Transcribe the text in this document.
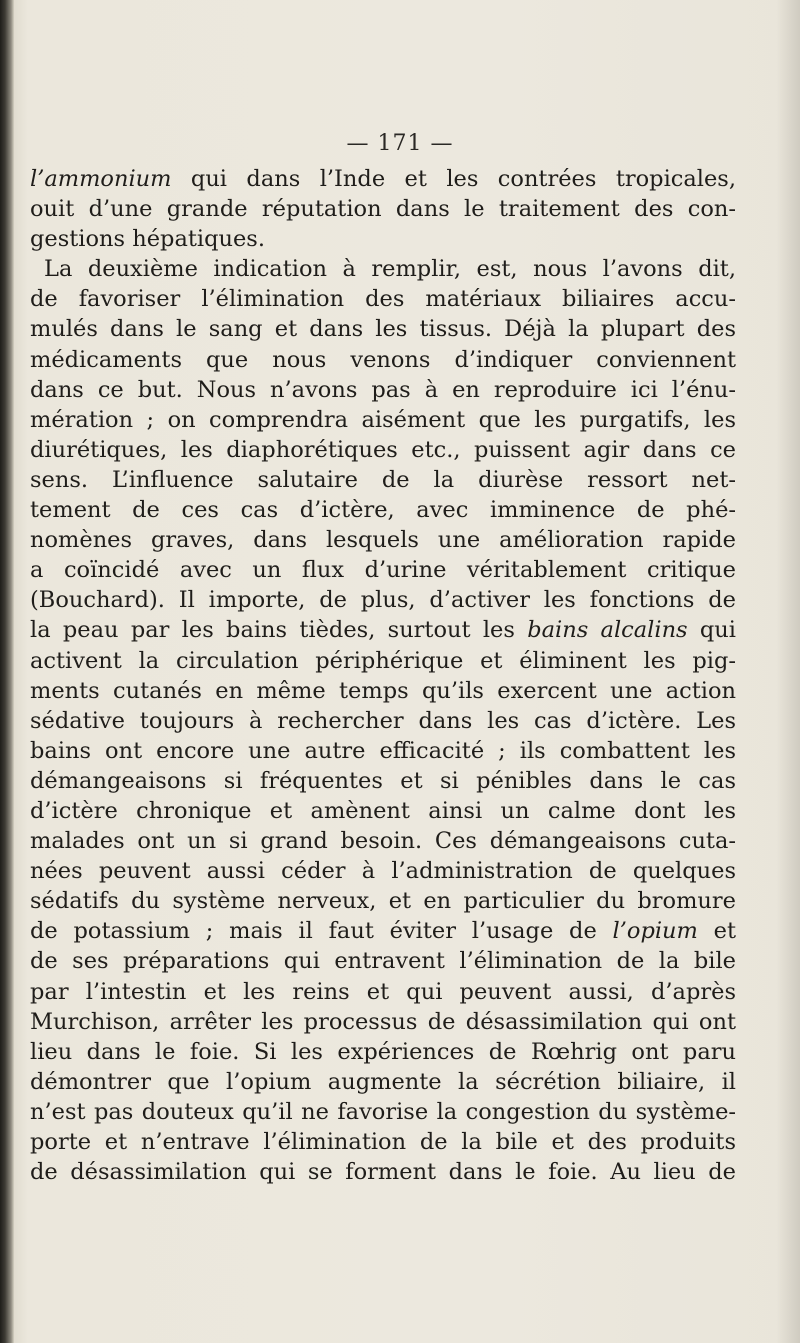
— 171 —
l’ammonium qui dans l’Inde et les contrées tropicales,
ouit d’une grande réputation dans le traitement des con-
gestions hépatiques.
La deuxième indication à remplir, est, nous l’avons dit,
de favoriser l’élimination des matériaux biliaires accu-
mulés dans le sang et dans les tissus. Déjà la plupart des
médicaments que nous venons d’indiquer conviennent
dans ce but. Nous n’avons pas à en reproduire ici l’énu-
mération ; on comprendra aisément que les purgatifs, les
diurétiques, les diaphorétiques etc., puissent agir dans ce
sens. L’influence salutaire de la diurèse ressort net-
tement de ces cas d’ictère, avec imminence de phé-
nomènes graves, dans lesquels une amélioration rapide
a coïncidé avec un flux d’urine véritablement critique
(Bouchard). Il importe, de plus, d’activer les fonctions de
la peau par les bains tièdes, surtout les bains alcalins qui
activent la circulation périphérique et éliminent les pig-
ments cutanés en même temps qu’ils exercent une action
sédative toujours à rechercher dans les cas d’ictère. Les
bains ont encore une autre efficacité ; ils combattent les
démangeaisons si fréquentes et si pénibles dans le cas
d’ictère chronique et amènent ainsi un calme dont les
malades ont un si grand besoin. Ces démangeaisons cuta-
nées peuvent aussi céder à l’administration de quelques
sédatifs du système nerveux, et en particulier du bromure
de potassium ; mais il faut éviter l’usage de l’opium et
de ses préparations qui entravent l’élimination de la bile
par l’intestin et les reins et qui peuvent aussi, d’après
Murchison, arrêter les processus de désassimilation qui ont
lieu dans le foie. Si les expériences de Rœhrig ont paru
démontrer que l’opium augmente la sécrétion biliaire, il
n’est pas douteux qu’il ne favorise la congestion du système-
porte et n’entrave l’élimination de la bile et des produits
de désassimilation qui se forment dans le foie. Au lieu de
